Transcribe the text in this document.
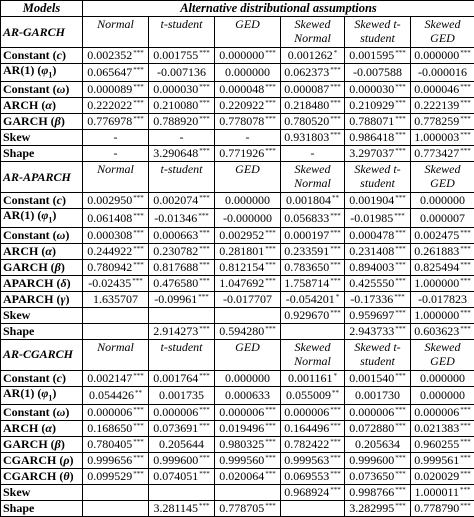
Models	Alternative distributional assumptions					
AR-GARCH	Normal	t-student	GED	Skewed Normal	Skewed t-student	Skewed GED
Constant (c)	0.002352***	0.001755***	0.000000***	0.001262*	0.001595***	0.000000***
AR(1) $(\varphi_1)$	0.065647***	-0.007136	0.000000	0.062373***	-0.007588	-0.000016
Constant (ω)	0.000089***	0.000030***	0.000048***	0.000087***	0.000030***	0.000046***
ARCH (α)	0.222022***	0.210080***	0.220922***	0.218480***	0.210929***	0.222139***
GARCH (β)	0.776978***	0.788920***	0.778078***	0.780520***	0.788071***	0.778259***
Skew	-	-	-	0.931803***	0.986418***	1.000003***
Shape	-	3.290648***	0.771926***	-	3.297037***	0.773427***
AR-APARCH	Normal	t-student	GED	Skewed Normal	Skewed t-student	Skewed GED
Constant (c)	0.002950***	0.002074***	0.000000	0.001804**	0.001904***	0.000000
AR(1) $(\varphi_1)$	0.061408***	-0.01346***	-0.000000	0.056833***	-0.01985***	0.000007
Constant (ω)	0.000308***	0.000663***	0.002952***	0.000197***	0.000478***	0.002475***
ARCH (α)	0.244922***	0.230782***	0.281801***	0.233591***	0.231408***	0.261883***
GARCH (β)	0.780942***	0.817688***	0.812154***	0.783650***	0.894003***	0.825494***
APARCH (δ)	-0.02435***	0.476580***	1.047692***	1.758714***	0.425550***	1.000000***
APARCH (γ)	1.635707	-0.09961***	-0.017707	-0.054201*	-0.17336***	-0.017823
Skew				0.929670***	0.959697***	1.000000***
Shape		2.914273***	0.594280***		2.943733***	0.603623***
AR-CGARCH	Normal	t-student	GED	Skewed Normal	Skewed t-student	Skewed GED
Constant (c)	0.002147***	0.001764***	0.000000	0.001161*	0.001540***	0.000000
AR(1) $(\varphi_1)$	0.054426**	0.001735	0.000633	0.055009**	0.001730	0.000000
Constant (ω)	0.000006***	0.000006***	0.000006***	0.000006***	0.000006***	0.000006***
ARCH (α)	0.168650***	0.073691***	0.019496***	0.164496***	0.072880***	0.021383***
GARCH (β)	0.780405***	0.205644	0.980325***	0.782422***	0.205634	0.960255***
CGARCH (ρ)	0.999656***	0.999600***	0.999560***	0.999563***	0.999600***	0.999561***
CGARCH (θ)	0.099529***	0.074051***	0.020064***	0.069553***	0.073650***	0.020029***
Skew				0.968924***	0.998766***	1.000011***
Shape		3.281145***	0.778705***		3.282995***	0.778790***
